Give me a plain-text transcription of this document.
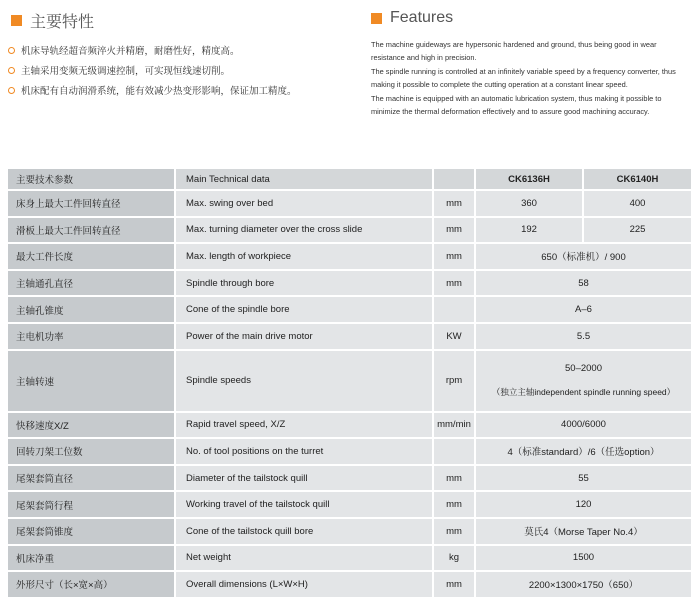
主要特性
机床导轨经超音频淬火并精磨，耐磨性好，精度高。
主轴采用变频无级调速控制，可实现恒线速切削。
机床配有自动润滑系统，能有效减少热变形影响，保证加工精度。
Features

The machine guideways are hypersonic hardened and ground, thus being good in wear resistance and high in precision.

The spindle running is controlled at an infinitely variable speed by a frequency converter, thus making it possible to complete the cutting operation at a constant linear speed.

The machine is equipped with an automatic lubrication system, thus making it possible to minimize the thermal deformation effectively and to assure good machining accuracy.

主要技术参数	Main Technical data		CK6136H	CK6140H
床身上最大工件回转直径	Max. swing over bed	mm	360	400
滑板上最大工件回转直径	Max. turning diameter over the cross slide	mm	192	225
最大工件长度	Max. length of workpiece	mm	650（标准机）/ 900	
主轴通孔直径	Spindle through bore	mm	58	
主轴孔锥度	Cone of the spindle bore		A–6	
主电机功率	Power of the main drive motor	KW	5.5	
主轴转速	Spindle speeds	rpm	50–2000
（独立主轴independent spindle running speed）	

快移速度X/Z	Rapid travel speed, X/Z	mm/min	4000/6000	
回转刀架工位数	No. of tool positions on the turret		4（标准standard）/6（任选option）	
尾架套筒直径	Diameter of the tailstock quill	mm	55	
尾架套筒行程	Working travel of the tailstock quill	mm	120	
尾架套筒锥度	Cone of the tailstock quill bore	mm	莫氏4（Morse Taper No.4）	
机床净重	Net weight	kg	1500	
外形尺寸（长×宽×高）	Overall dimensions (L×W×H)	mm	2200×1300×1750（650）	
